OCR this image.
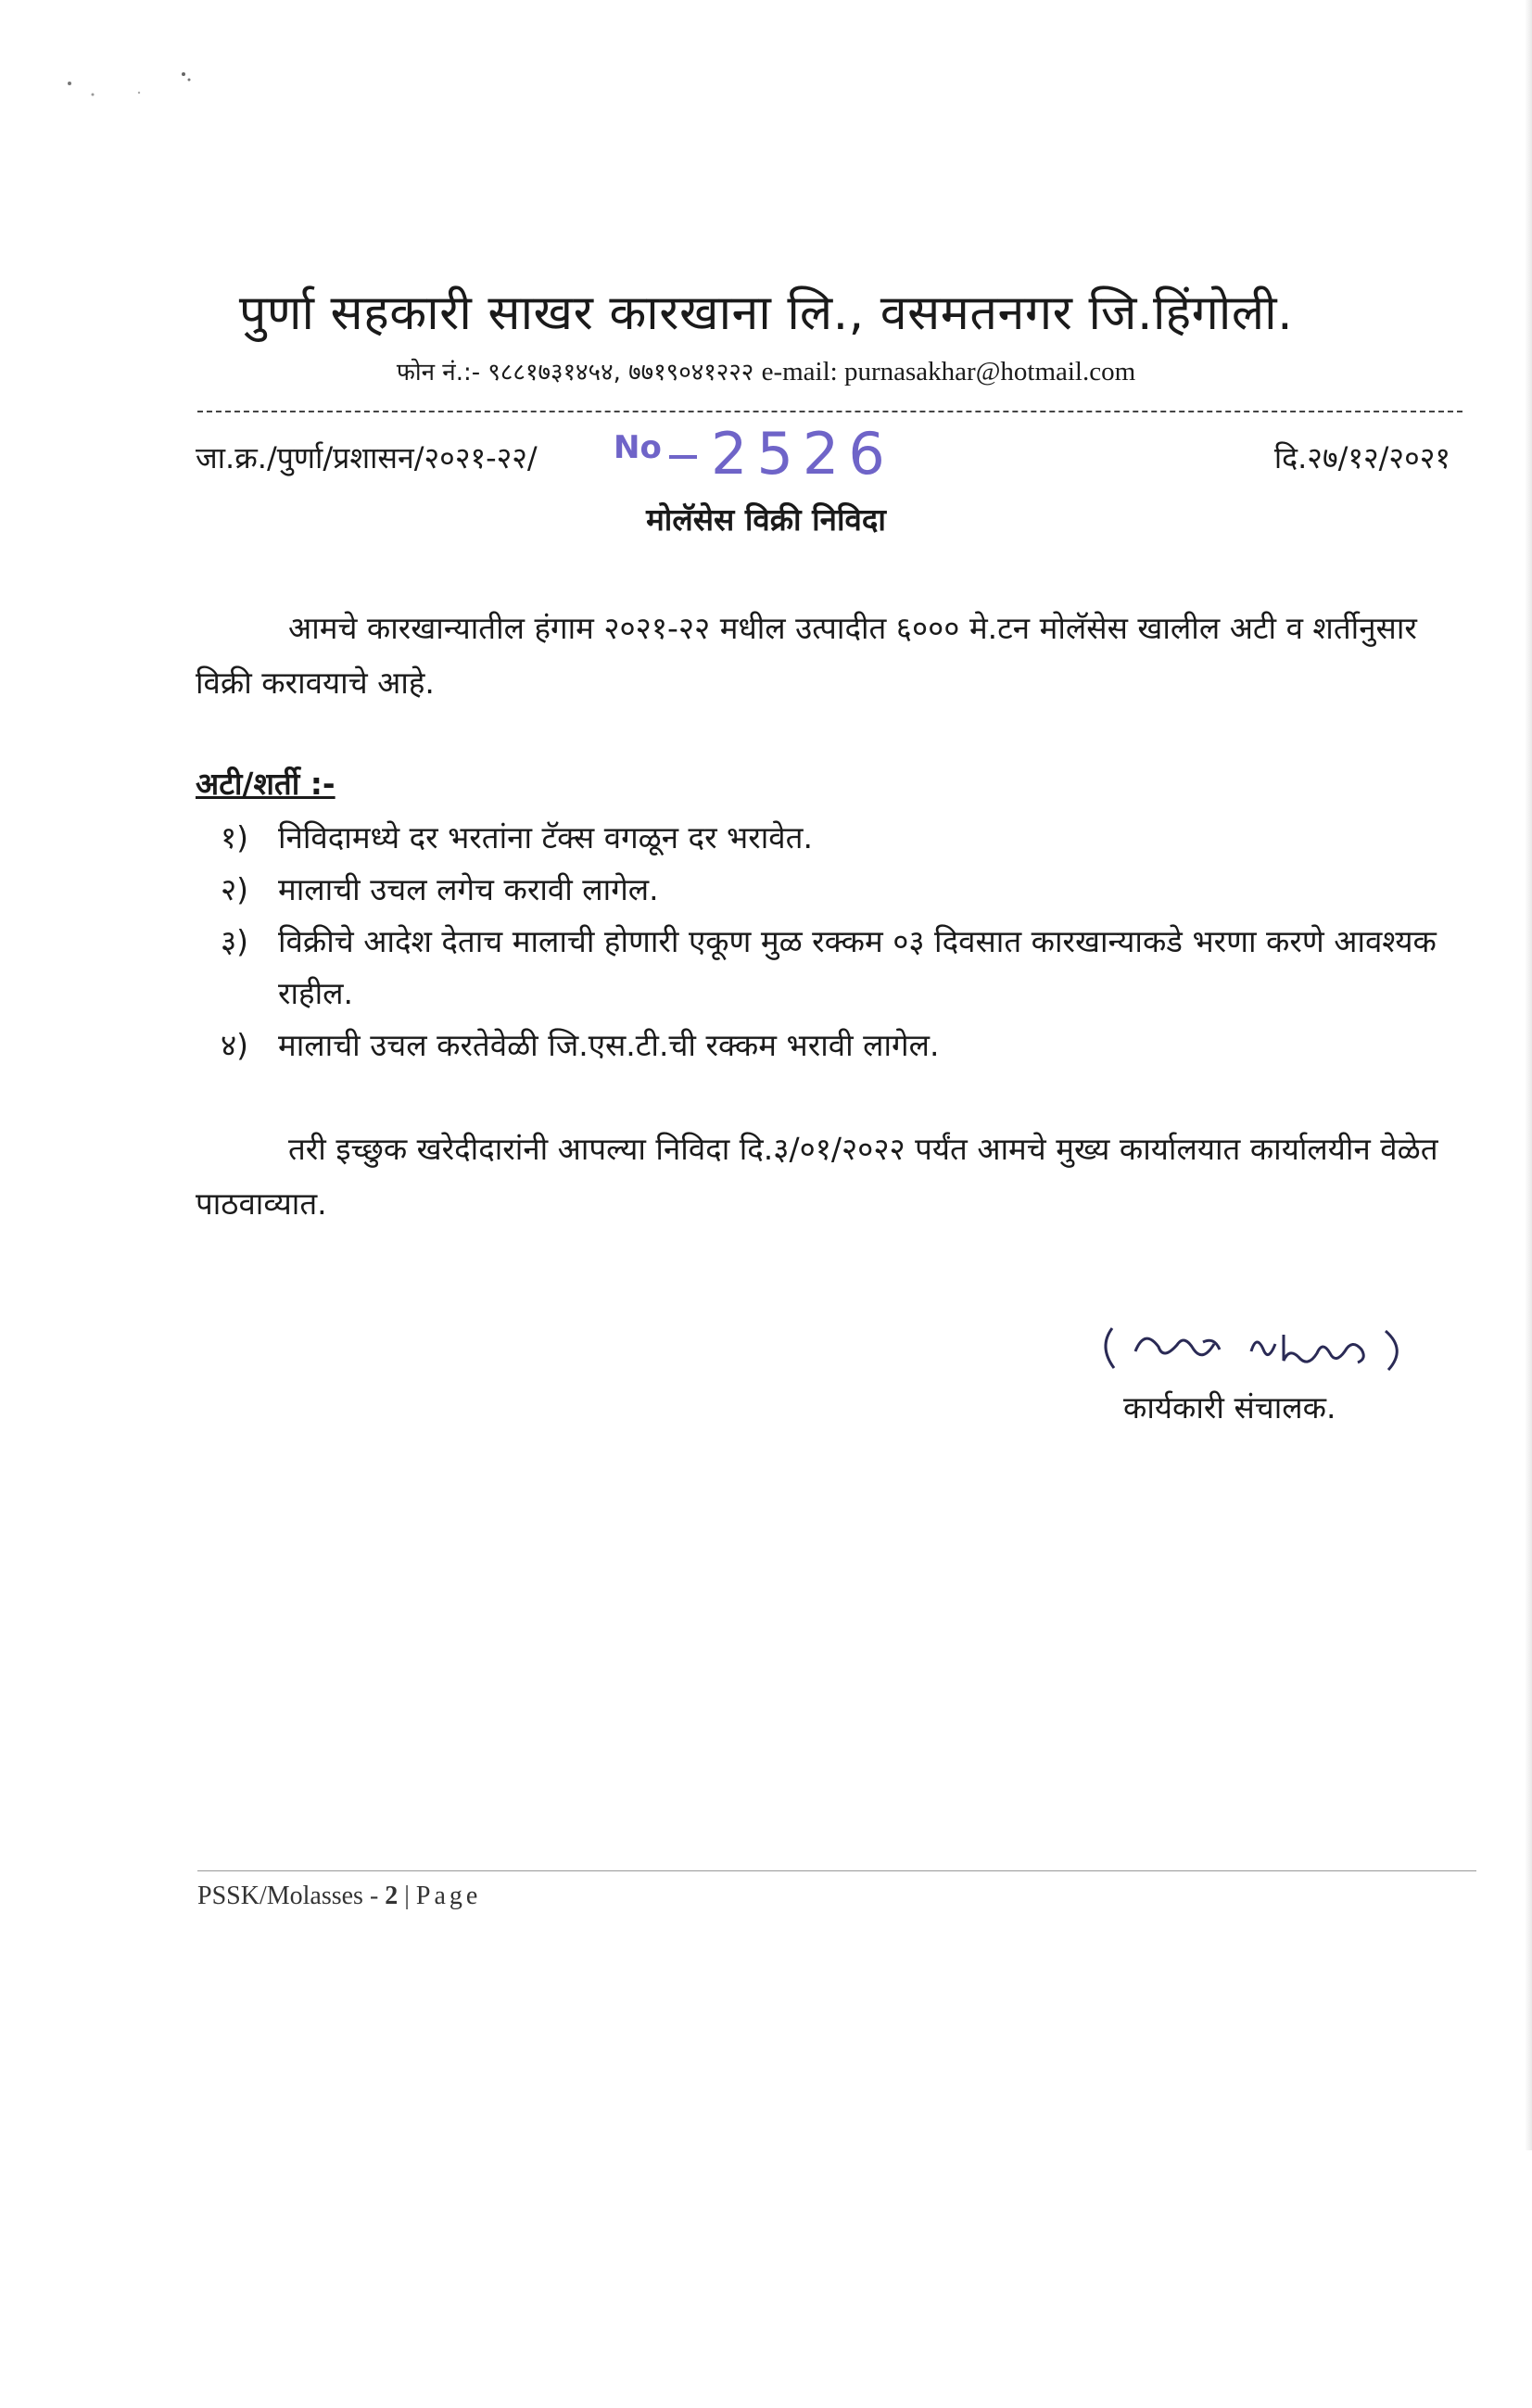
पुर्णा सहकारी साखर कारखाना लि., वसमतनगर जि.हिंगोली.
फोन नं.:- ९८८१७३१४५४, ७७१९०४१२२२ e-mail: purnasakhar@hotmail.com
जा.क्र./पुर्णा/प्रशासन/२०२१-२२/ No 2526	दि.२७/१२/२०२१
मोलॅसेस विक्री निविदा
आमचे कारखान्यातील हंगाम २०२१-२२ मधील उत्पादीत ६००० मे.टन मोलॅसेस खालील अटी व शर्तीनुसार विक्री करावयाचे आहे.
अटी/शर्ती :-
१) निविदामध्ये दर भरतांना टॅक्स वगळून दर भरावेत.
२) मालाची उचल लगेच करावी लागेल.
३) विक्रीचे आदेश देताच मालाची होणारी एकूण मुळ रक्कम ०३ दिवसात कारखान्याकडे भरणा करणे आवश्यक राहील.
४) मालाची उचल करतेवेळी जि.एस.टी.ची रक्कम भरावी लागेल.
तरी इच्छुक खरेदीदारांनी आपल्या निविदा दि.३/०१/२०२२ पर्यंत आमचे मुख्य कार्यालयात कार्यालयीन वेळेत पाठवाव्यात.
कार्यकारी संचालक.
PSSK/Molasses - 2 | Page
